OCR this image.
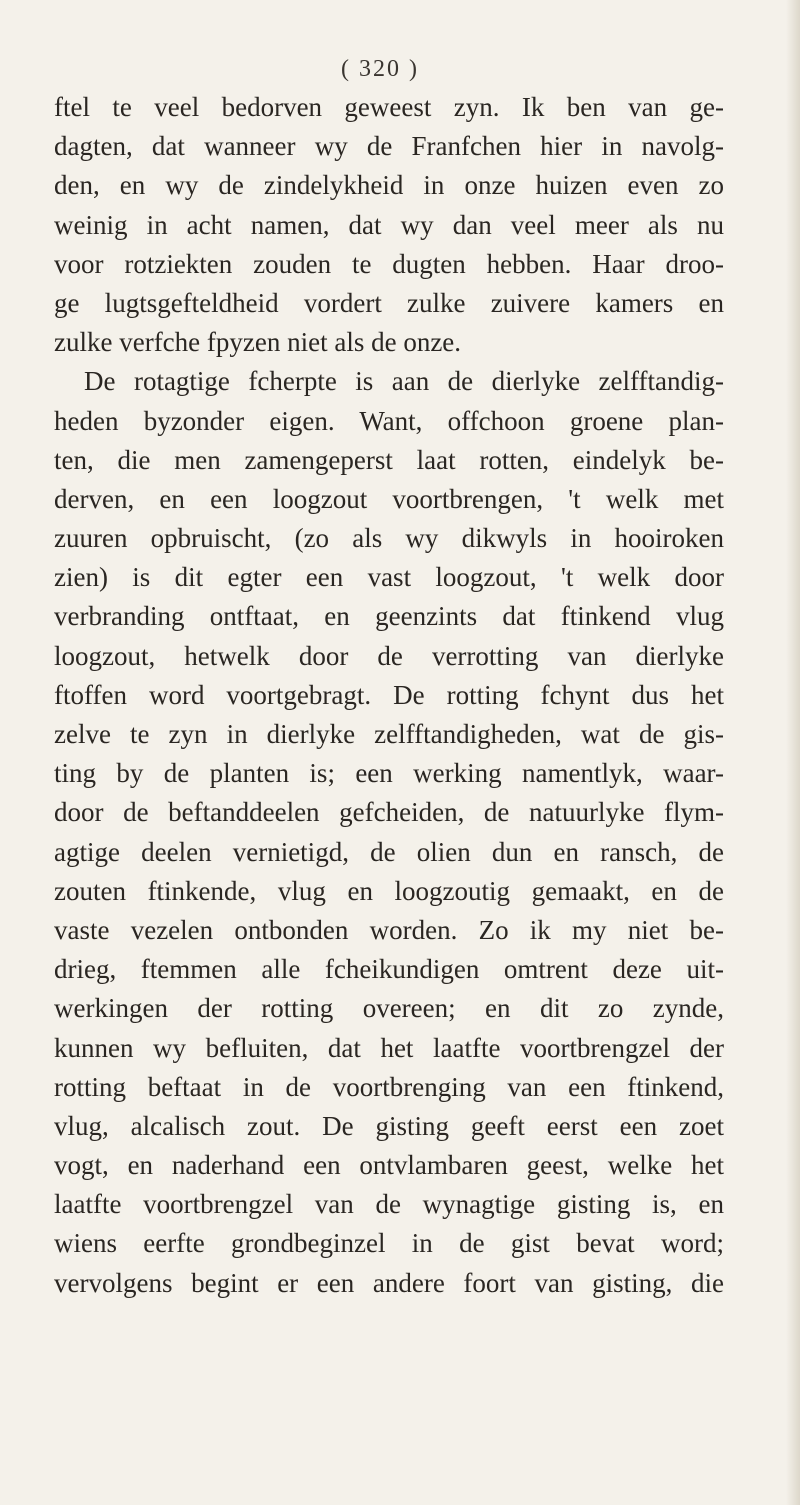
( 320 )
ftel te veel bedorven geweest zyn. Ik ben van ge-
dagten, dat wanneer wy de Franfchen hier in navolg-
den, en wy de zindelykheid in onze huizen even zo
weinig in acht namen, dat wy dan veel meer als nu
voor rotziekten zouden te dugten hebben. Haar droo-
ge lugtsgefteldheid vordert zulke zuivere kamers en
zulke verfche fpyzen niet als de onze.
De rotagtige fcherpte is aan de dierlyke zelfftandig-
heden byzonder eigen. Want, offchoon groene plan-
ten, die men zamengeperst laat rotten, eindelyk be-
derven, en een loogzout voortbrengen, 't welk met
zuuren opbruischt, (zo als wy dikwyls in hooiroken
zien) is dit egter een vast loogzout, 't welk door
verbranding ontftaat, en geenzints dat ftinkend vlug
loogzout, hetwelk door de verrotting van dierlyke
ftoffen word voortgebragt. De rotting fchynt dus het
zelve te zyn in dierlyke zelfftandigheden, wat de gis-
ting by de planten is; een werking namentlyk, waar-
door de beftanddeelen gefcheiden, de natuurlyke flym-
agtige deelen vernietigd, de olien dun en ransch, de
zouten ftinkende, vlug en loogzoutig gemaakt, en de
vaste vezelen ontbonden worden. Zo ik my niet be-
drieg, ftemmen alle fcheikundigen omtrent deze uit-
werkingen der rotting overeen; en dit zo zynde,
kunnen wy befluiten, dat het laatfte voortbrengzel der
rotting beftaat in de voortbrenging van een ftinkend,
vlug, alcalisch zout. De gisting geeft eerst een zoet
vogt, en naderhand een ontvlambaren geest, welke het
laatfte voortbrengzel van de wynagtige gisting is, en
wiens eerfte grondbeginzel in de gist bevat word;
vervolgens begint er een andere foort van gisting, die
